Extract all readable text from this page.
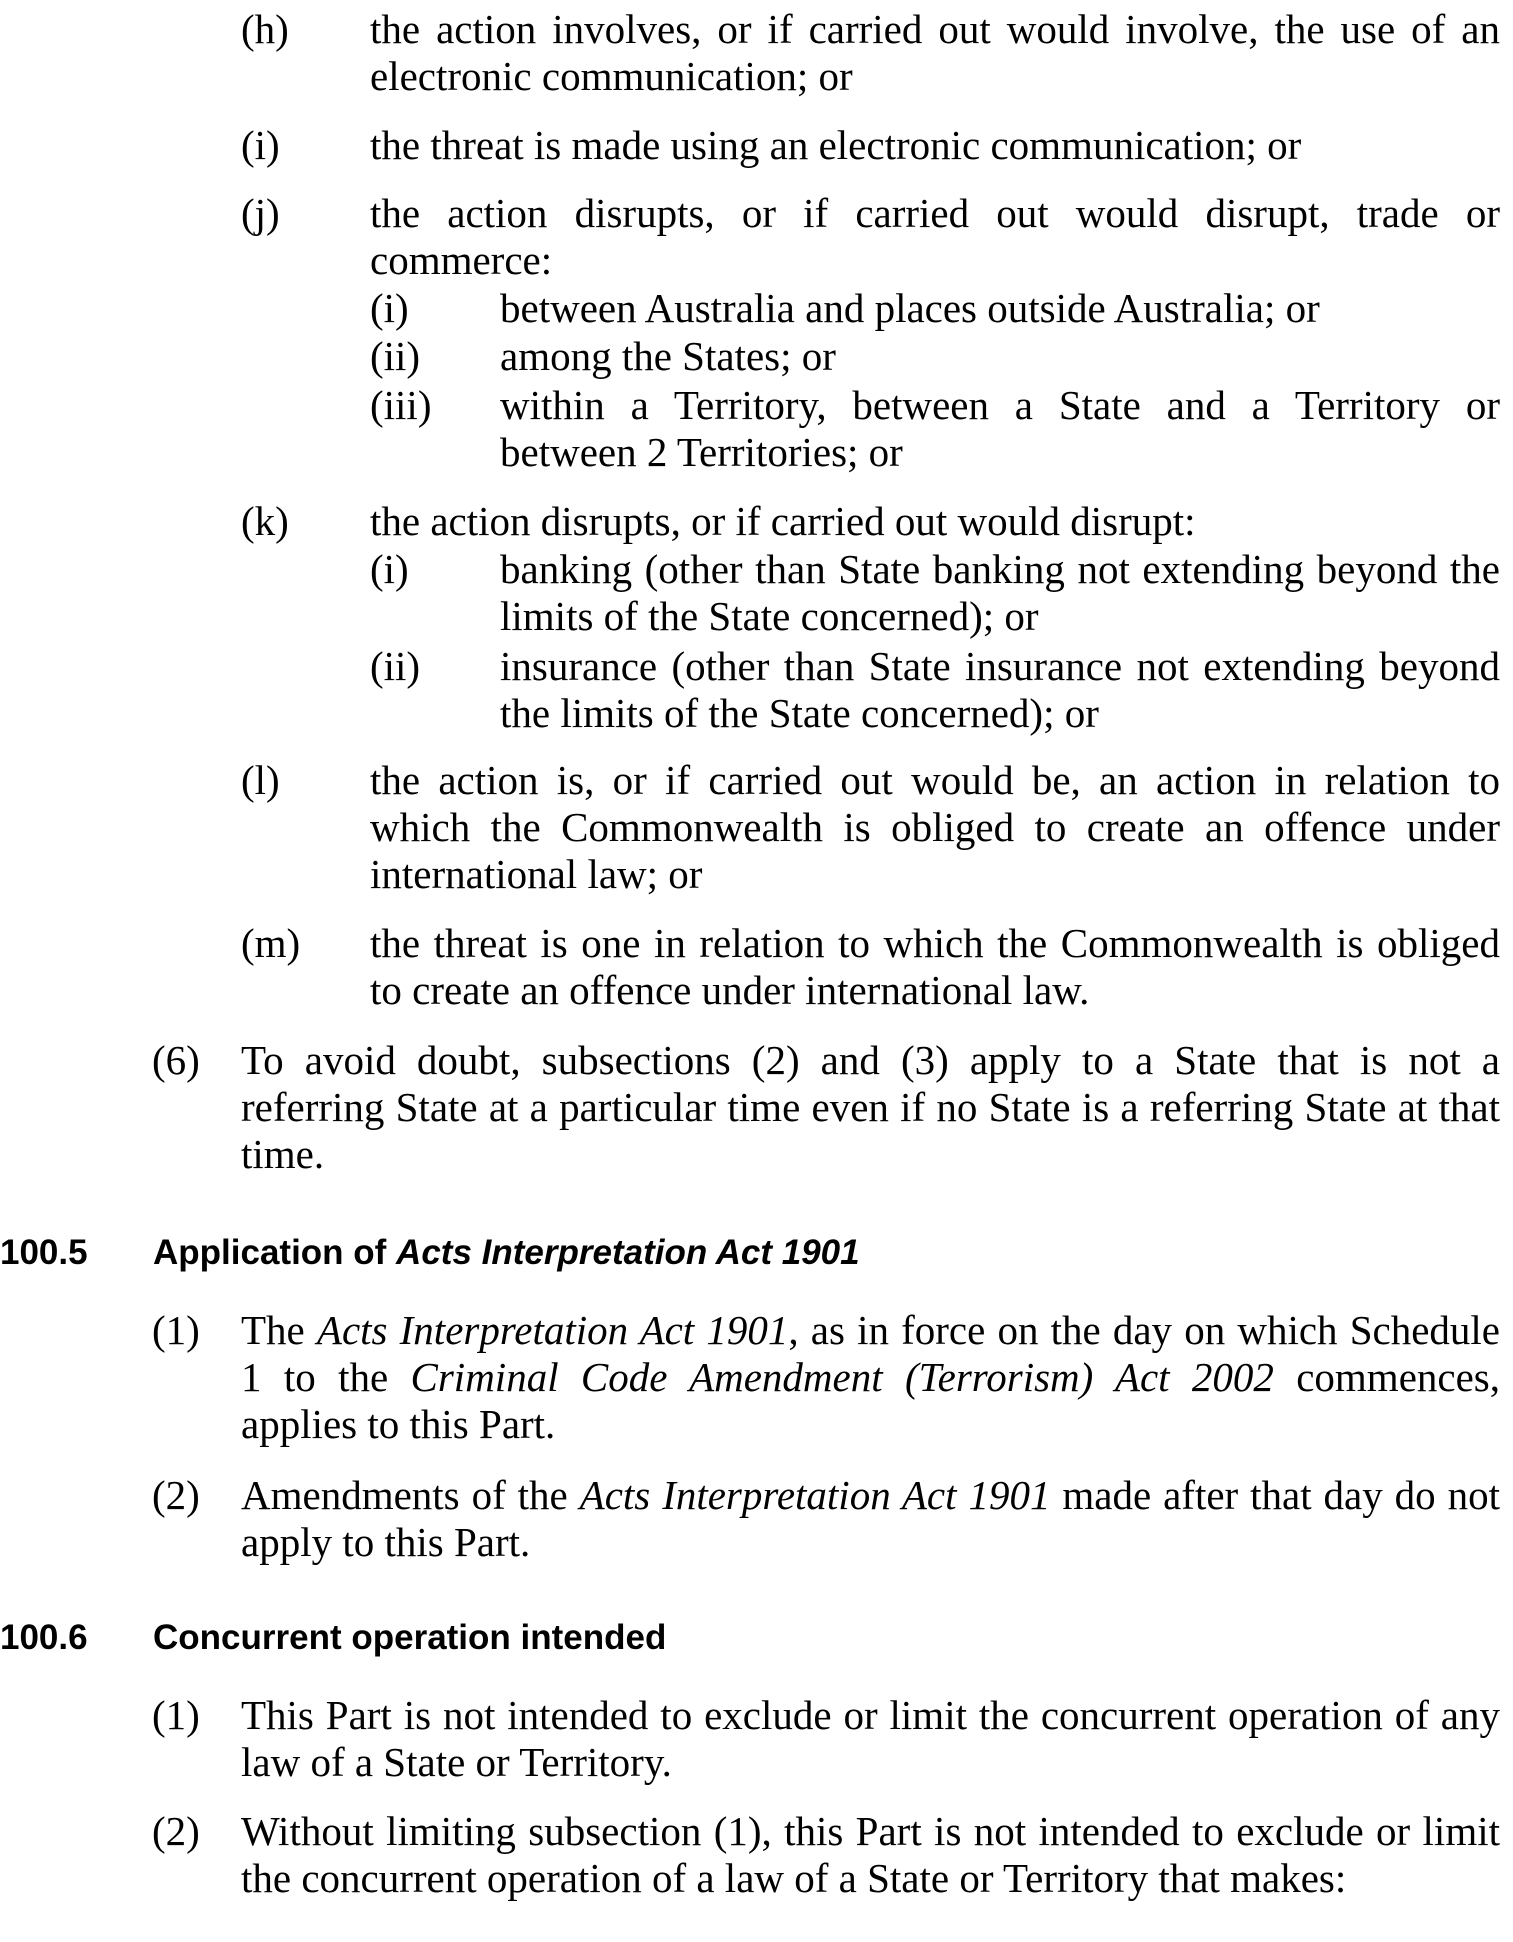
(h) the action involves, or if carried out would involve, the use of an electronic communication; or
(i) the threat is made using an electronic communication; or
(j) the action disrupts, or if carried out would disrupt, trade or commerce:
(i) between Australia and places outside Australia; or
(ii) among the States; or
(iii) within a Territory, between a State and a Territory or between 2 Territories; or
(k) the action disrupts, or if carried out would disrupt:
(i) banking (other than State banking not extending beyond the limits of the State concerned); or
(ii) insurance (other than State insurance not extending beyond the limits of the State concerned); or
(l) the action is, or if carried out would be, an action in relation to which the Commonwealth is obliged to create an offence under international law; or
(m) the threat is one in relation to which the Commonwealth is obliged to create an offence under international law.
(6) To avoid doubt, subsections (2) and (3) apply to a State that is not a referring State at a particular time even if no State is a referring State at that time.
100.5 Application of Acts Interpretation Act 1901
(1) The Acts Interpretation Act 1901, as in force on the day on which Schedule 1 to the Criminal Code Amendment (Terrorism) Act 2002 commences, applies to this Part.
(2) Amendments of the Acts Interpretation Act 1901 made after that day do not apply to this Part.
100.6 Concurrent operation intended
(1) This Part is not intended to exclude or limit the concurrent operation of any law of a State or Territory.
(2) Without limiting subsection (1), this Part is not intended to exclude or limit the concurrent operation of a law of a State or Territory that makes:
